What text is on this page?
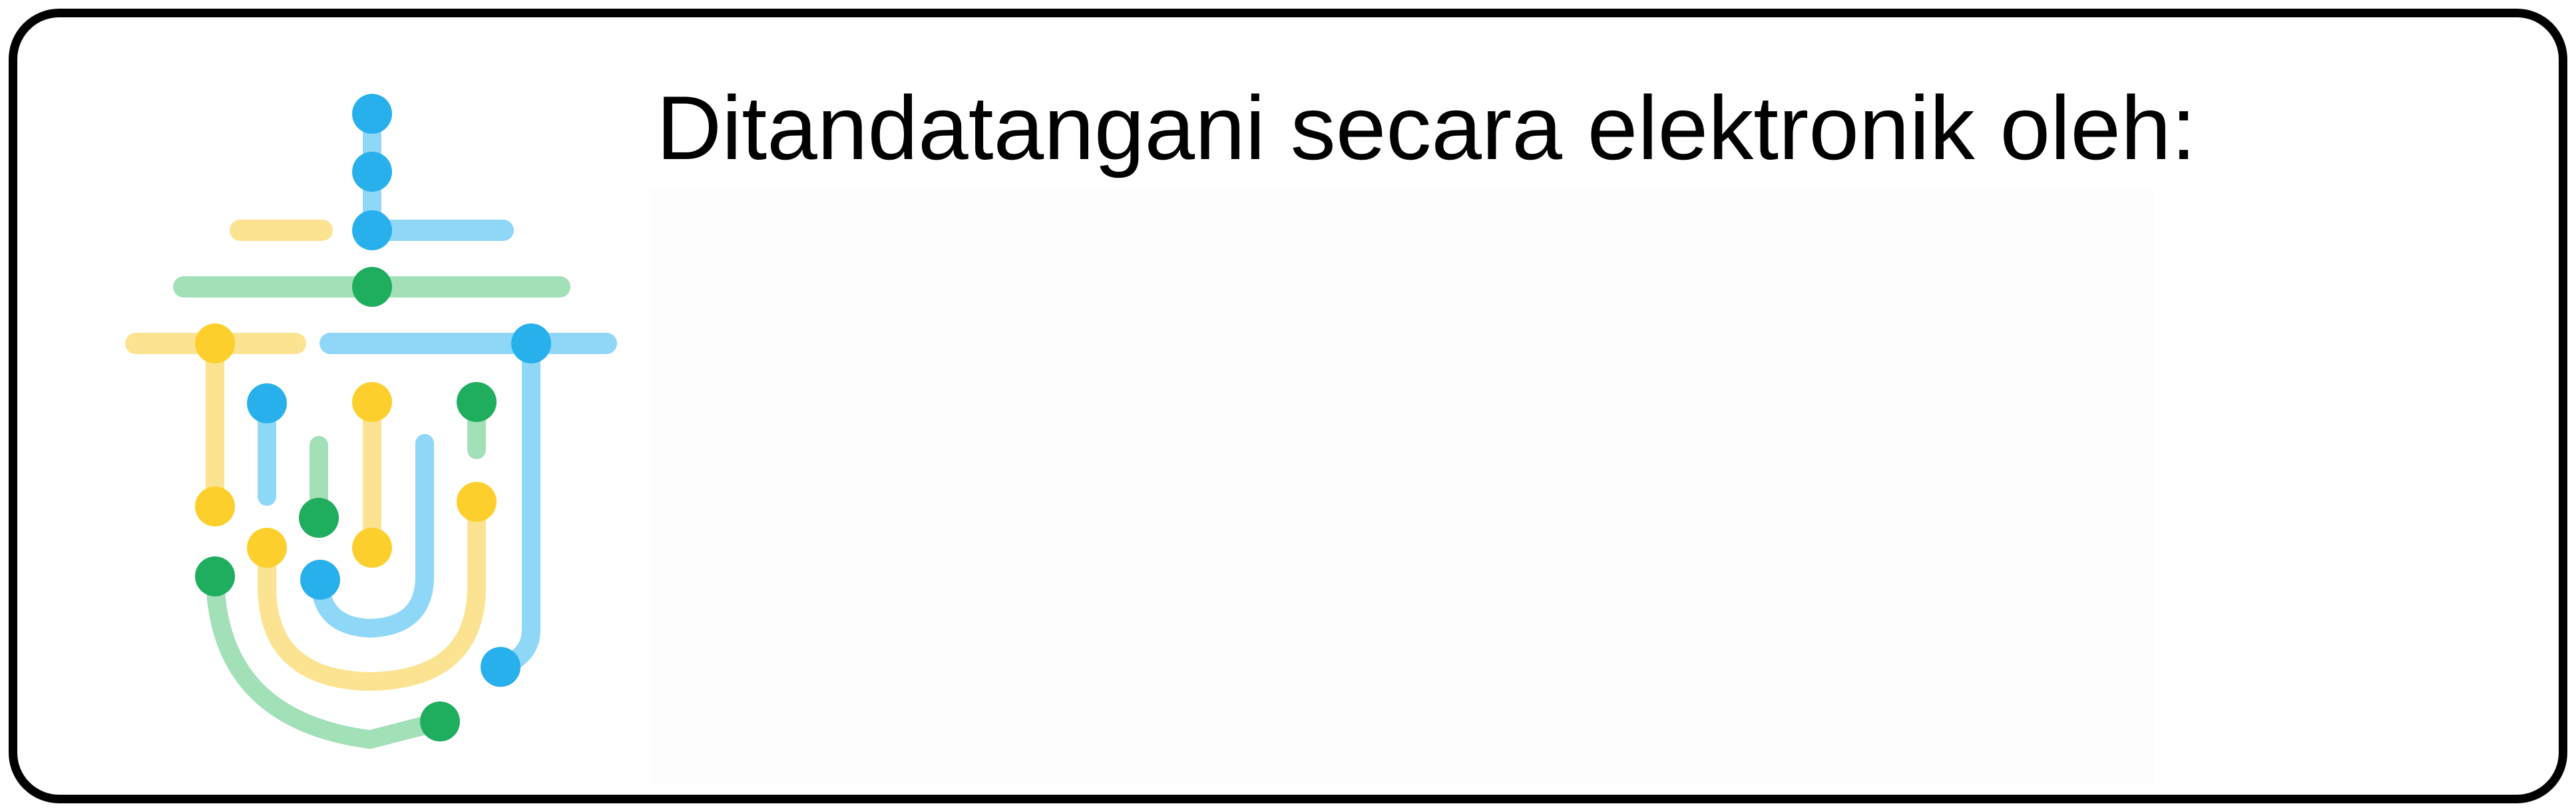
Ditandatangani secara elektronik oleh:
